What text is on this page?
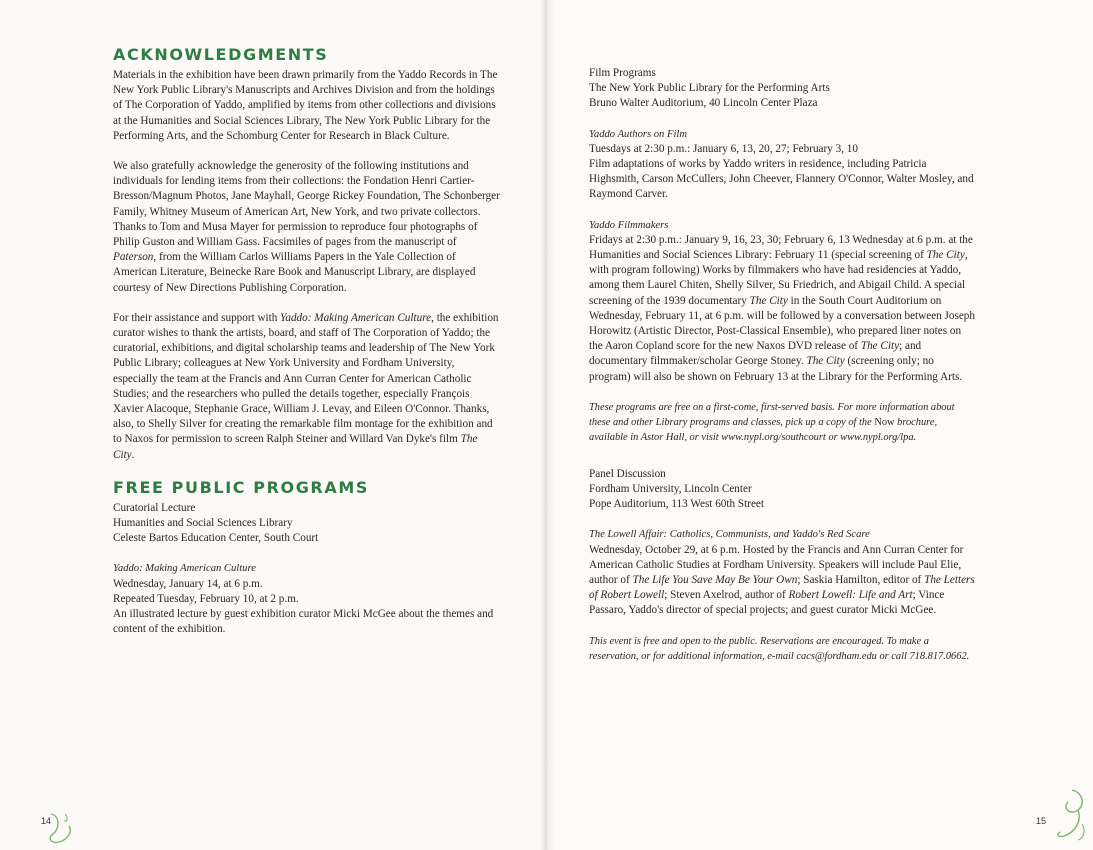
ACKNOWLEDGMENTS

Materials in the exhibition have been drawn primarily from the Yaddo Records in The New York Public Library's Manuscripts and Archives Division and from the holdings of The Corporation of Yaddo, amplified by items from other collections and divisions at the Humanities and Social Sciences Library, The New York Public Library for the Performing Arts, and the Schomburg Center for Research in Black Culture.

We also gratefully acknowledge the generosity of the following institutions and individuals for lending items from their collections: the Fondation Henri Cartier-Bresson/Magnum Photos, Jane Mayhall, George Rickey Foundation, The Schonberger Family, Whitney Museum of American Art, New York, and two private collectors. Thanks to Tom and Musa Mayer for permission to reproduce four photographs of Philip Guston and William Gass. Facsimiles of pages from the manuscript of Paterson, from the William Carlos Williams Papers in the Yale Collection of American Literature, Beinecke Rare Book and Manuscript Library, are displayed courtesy of New Directions Publishing Corporation.

For their assistance and support with Yaddo: Making American Culture, the exhibition curator wishes to thank the artists, board, and staff of The Corporation of Yaddo; the curatorial, exhibitions, and digital scholarship teams and leadership of The New York Public Library; colleagues at New York University and Fordham University, especially the team at the Francis and Ann Curran Center for American Catholic Studies; and the researchers who pulled the details together, especially François Xavier Alacoque, Stephanie Grace, William J. Levay, and Eileen O'Connor. Thanks, also, to Shelly Silver for creating the remarkable film montage for the exhibition and to Naxos for permission to screen Ralph Steiner and Willard Van Dyke's film The City.

FREE PUBLIC PROGRAMS
Curatorial Lecture
Humanities and Social Sciences Library
Celeste Bartos Education Center, South Court
Yaddo: Making American Culture
Wednesday, January 14, at 6 p.m.
Repeated Tuesday, February 10, at 2 p.m.

An illustrated lecture by guest exhibition curator Micki McGee about the themes and content of the exhibition.

14
Film Programs
The New York Public Library for the Performing Arts
Bruno Walter Auditorium, 40 Lincoln Center Plaza
Yaddo Authors on Film
Tuesdays at 2:30 p.m.: January 6, 13, 20, 27; February 3, 10

Film adaptations of works by Yaddo writers in residence, including Patricia Highsmith, Carson McCullers, John Cheever, Flannery O'Connor, Walter Mosley, and Raymond Carver.

Yaddo Filmmakers

Fridays at 2:30 p.m.: January 9, 16, 23, 30; February 6, 13 Wednesday at 6 p.m. at the Humanities and Social Sciences Library: February 11 (special screening of The City, with program following) Works by filmmakers who have had residencies at Yaddo, among them Laurel Chiten, Shelly Silver, Su Friedrich, and Abigail Child. A special screening of the 1939 documentary The City in the South Court Auditorium on Wednesday, February 11, at 6 p.m. will be followed by a conversation between Joseph Horowitz (Artistic Director, Post-Classical Ensemble), who prepared liner notes on the Aaron Copland score for the new Naxos DVD release of The City; and documentary filmmaker/scholar George Stoney. The City (screening only; no program) will also be shown on February 13 at the Library for the Performing Arts.

These programs are free on a first-come, first-served basis. For more information about these and other Library programs and classes, pick up a copy of the Now brochure, available in Astor Hall, or visit www.nypl.org/southcourt or www.nypl.org/lpa.

Panel Discussion
Fordham University, Lincoln Center
Pope Auditorium, 113 West 60th Street
The Lowell Affair: Catholics, Communists, and Yaddo's Red Scare

Wednesday, October 29, at 6 p.m. Hosted by the Francis and Ann Curran Center for American Catholic Studies at Fordham University. Speakers will include Paul Elie, author of The Life You Save May Be Your Own; Saskia Hamilton, editor of The Letters of Robert Lowell; Steven Axelrod, author of Robert Lowell: Life and Art; Vince Passaro, Yaddo's director of special projects; and guest curator Micki McGee.

This event is free and open to the public. Reservations are encouraged. To make a reservation, or for additional information, e-mail cacs@fordham.edu or call 718.817.0662.

15
